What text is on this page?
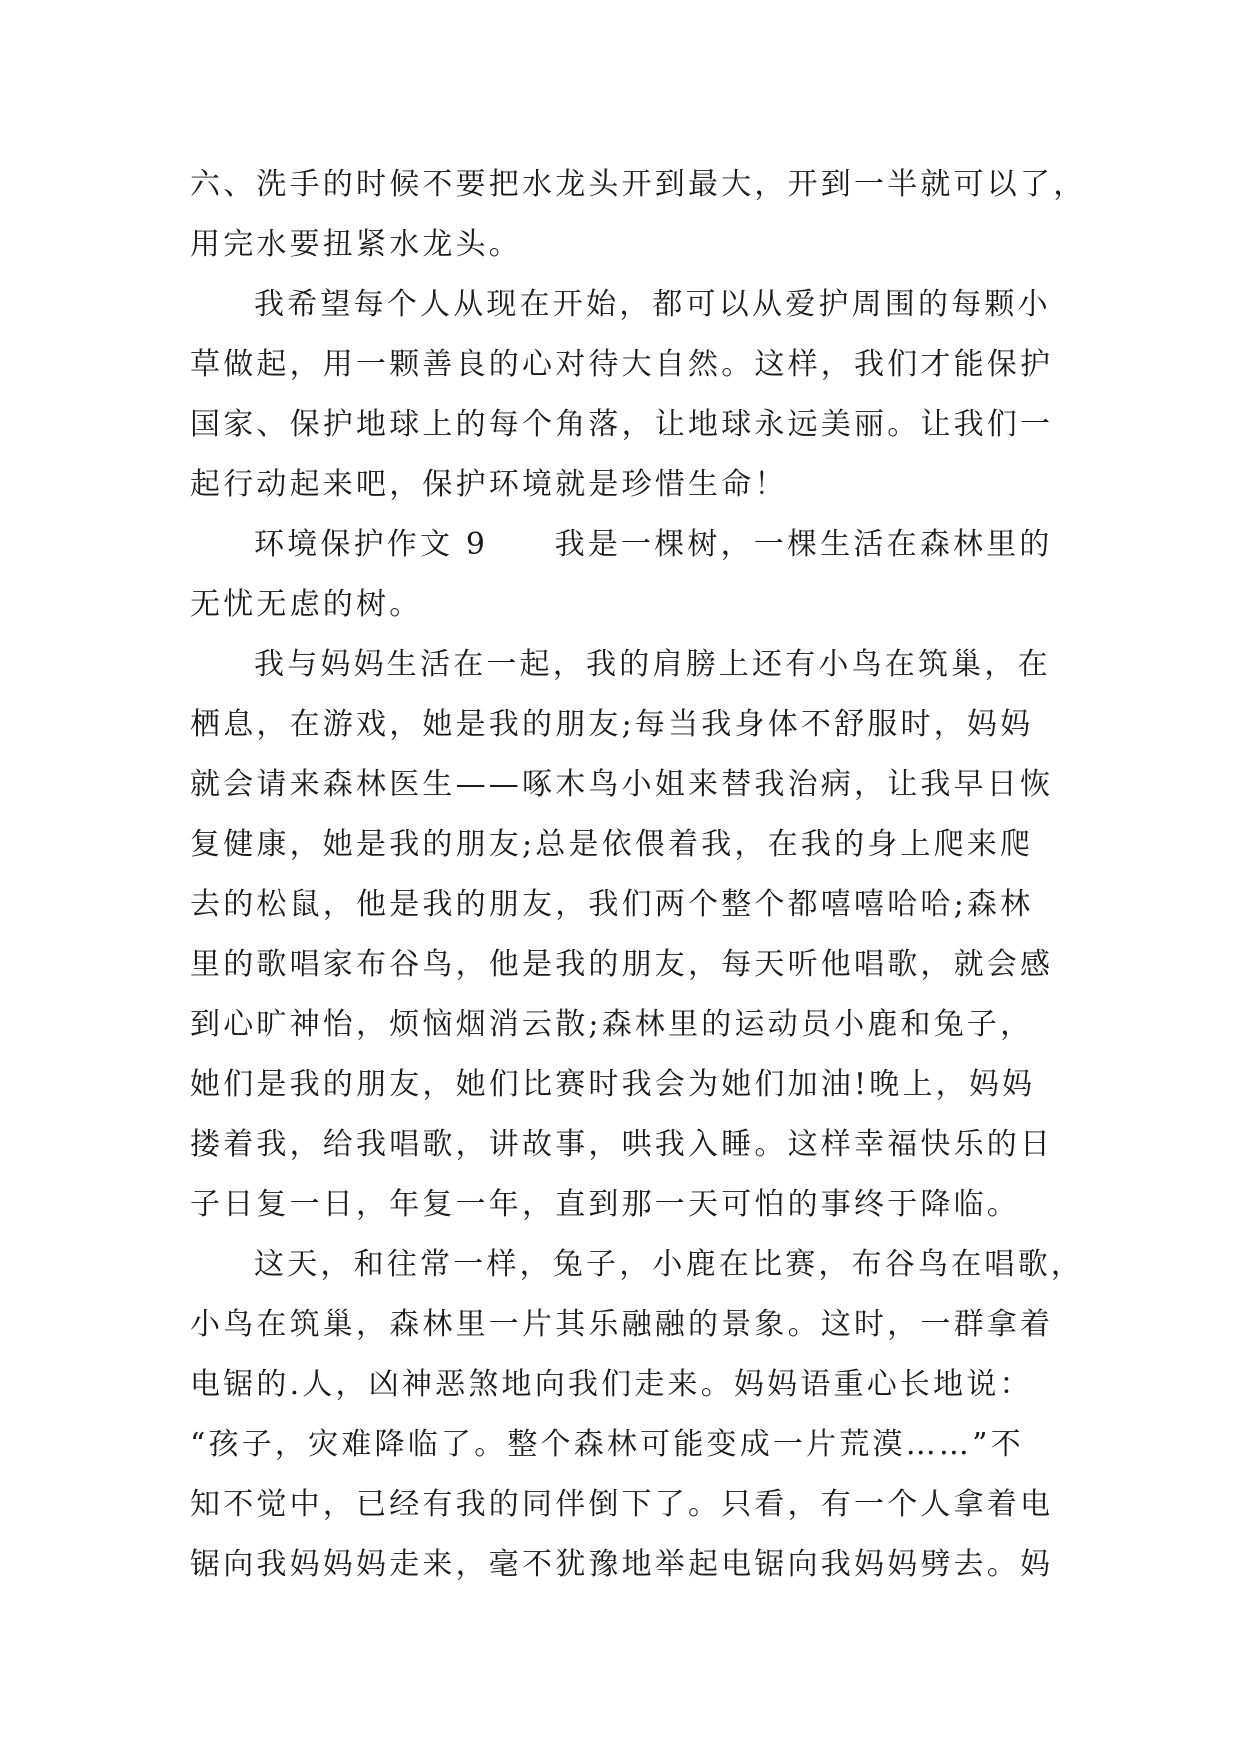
六、洗手的时候不要把水龙头开到最大，开到一半就可以了，
用完水要扭紧水龙头。
我希望每个人从现在开始，都可以从爱护周围的每颗小
草做起，用一颗善良的心对待大自然。这样，我们才能保护
国家、保护地球上的每个角落，让地球永远美丽。让我们一
起行动起来吧，保护环境就是珍惜生命！
环境保护作文 9　　我是一棵树，一棵生活在森林里的
无忧无虑的树。
我与妈妈生活在一起，我的肩膀上还有小鸟在筑巢，在
栖息，在游戏，她是我的朋友;每当我身体不舒服时，妈妈
就会请来森林医生——啄木鸟小姐来替我治病，让我早日恢
复健康，她是我的朋友;总是依偎着我，在我的身上爬来爬
去的松鼠，他是我的朋友，我们两个整个都嘻嘻哈哈;森林
里的歌唱家布谷鸟，他是我的朋友，每天听他唱歌，就会感
到心旷神怡，烦恼烟消云散;森林里的运动员小鹿和兔子，
她们是我的朋友，她们比赛时我会为她们加油!晚上，妈妈
搂着我，给我唱歌，讲故事，哄我入睡。这样幸福快乐的日
子日复一日，年复一年，直到那一天可怕的事终于降临。
这天，和往常一样，兔子，小鹿在比赛，布谷鸟在唱歌，
小鸟在筑巢，森林里一片其乐融融的景象。这时，一群拿着
电锯的.人，凶神恶煞地向我们走来。妈妈语重心长地说：
“孩子，灾难降临了。整个森林可能变成一片荒漠……”不
知不觉中，已经有我的同伴倒下了。只看，有一个人拿着电
锯向我妈妈妈走来，毫不犹豫地举起电锯向我妈妈劈去。妈
